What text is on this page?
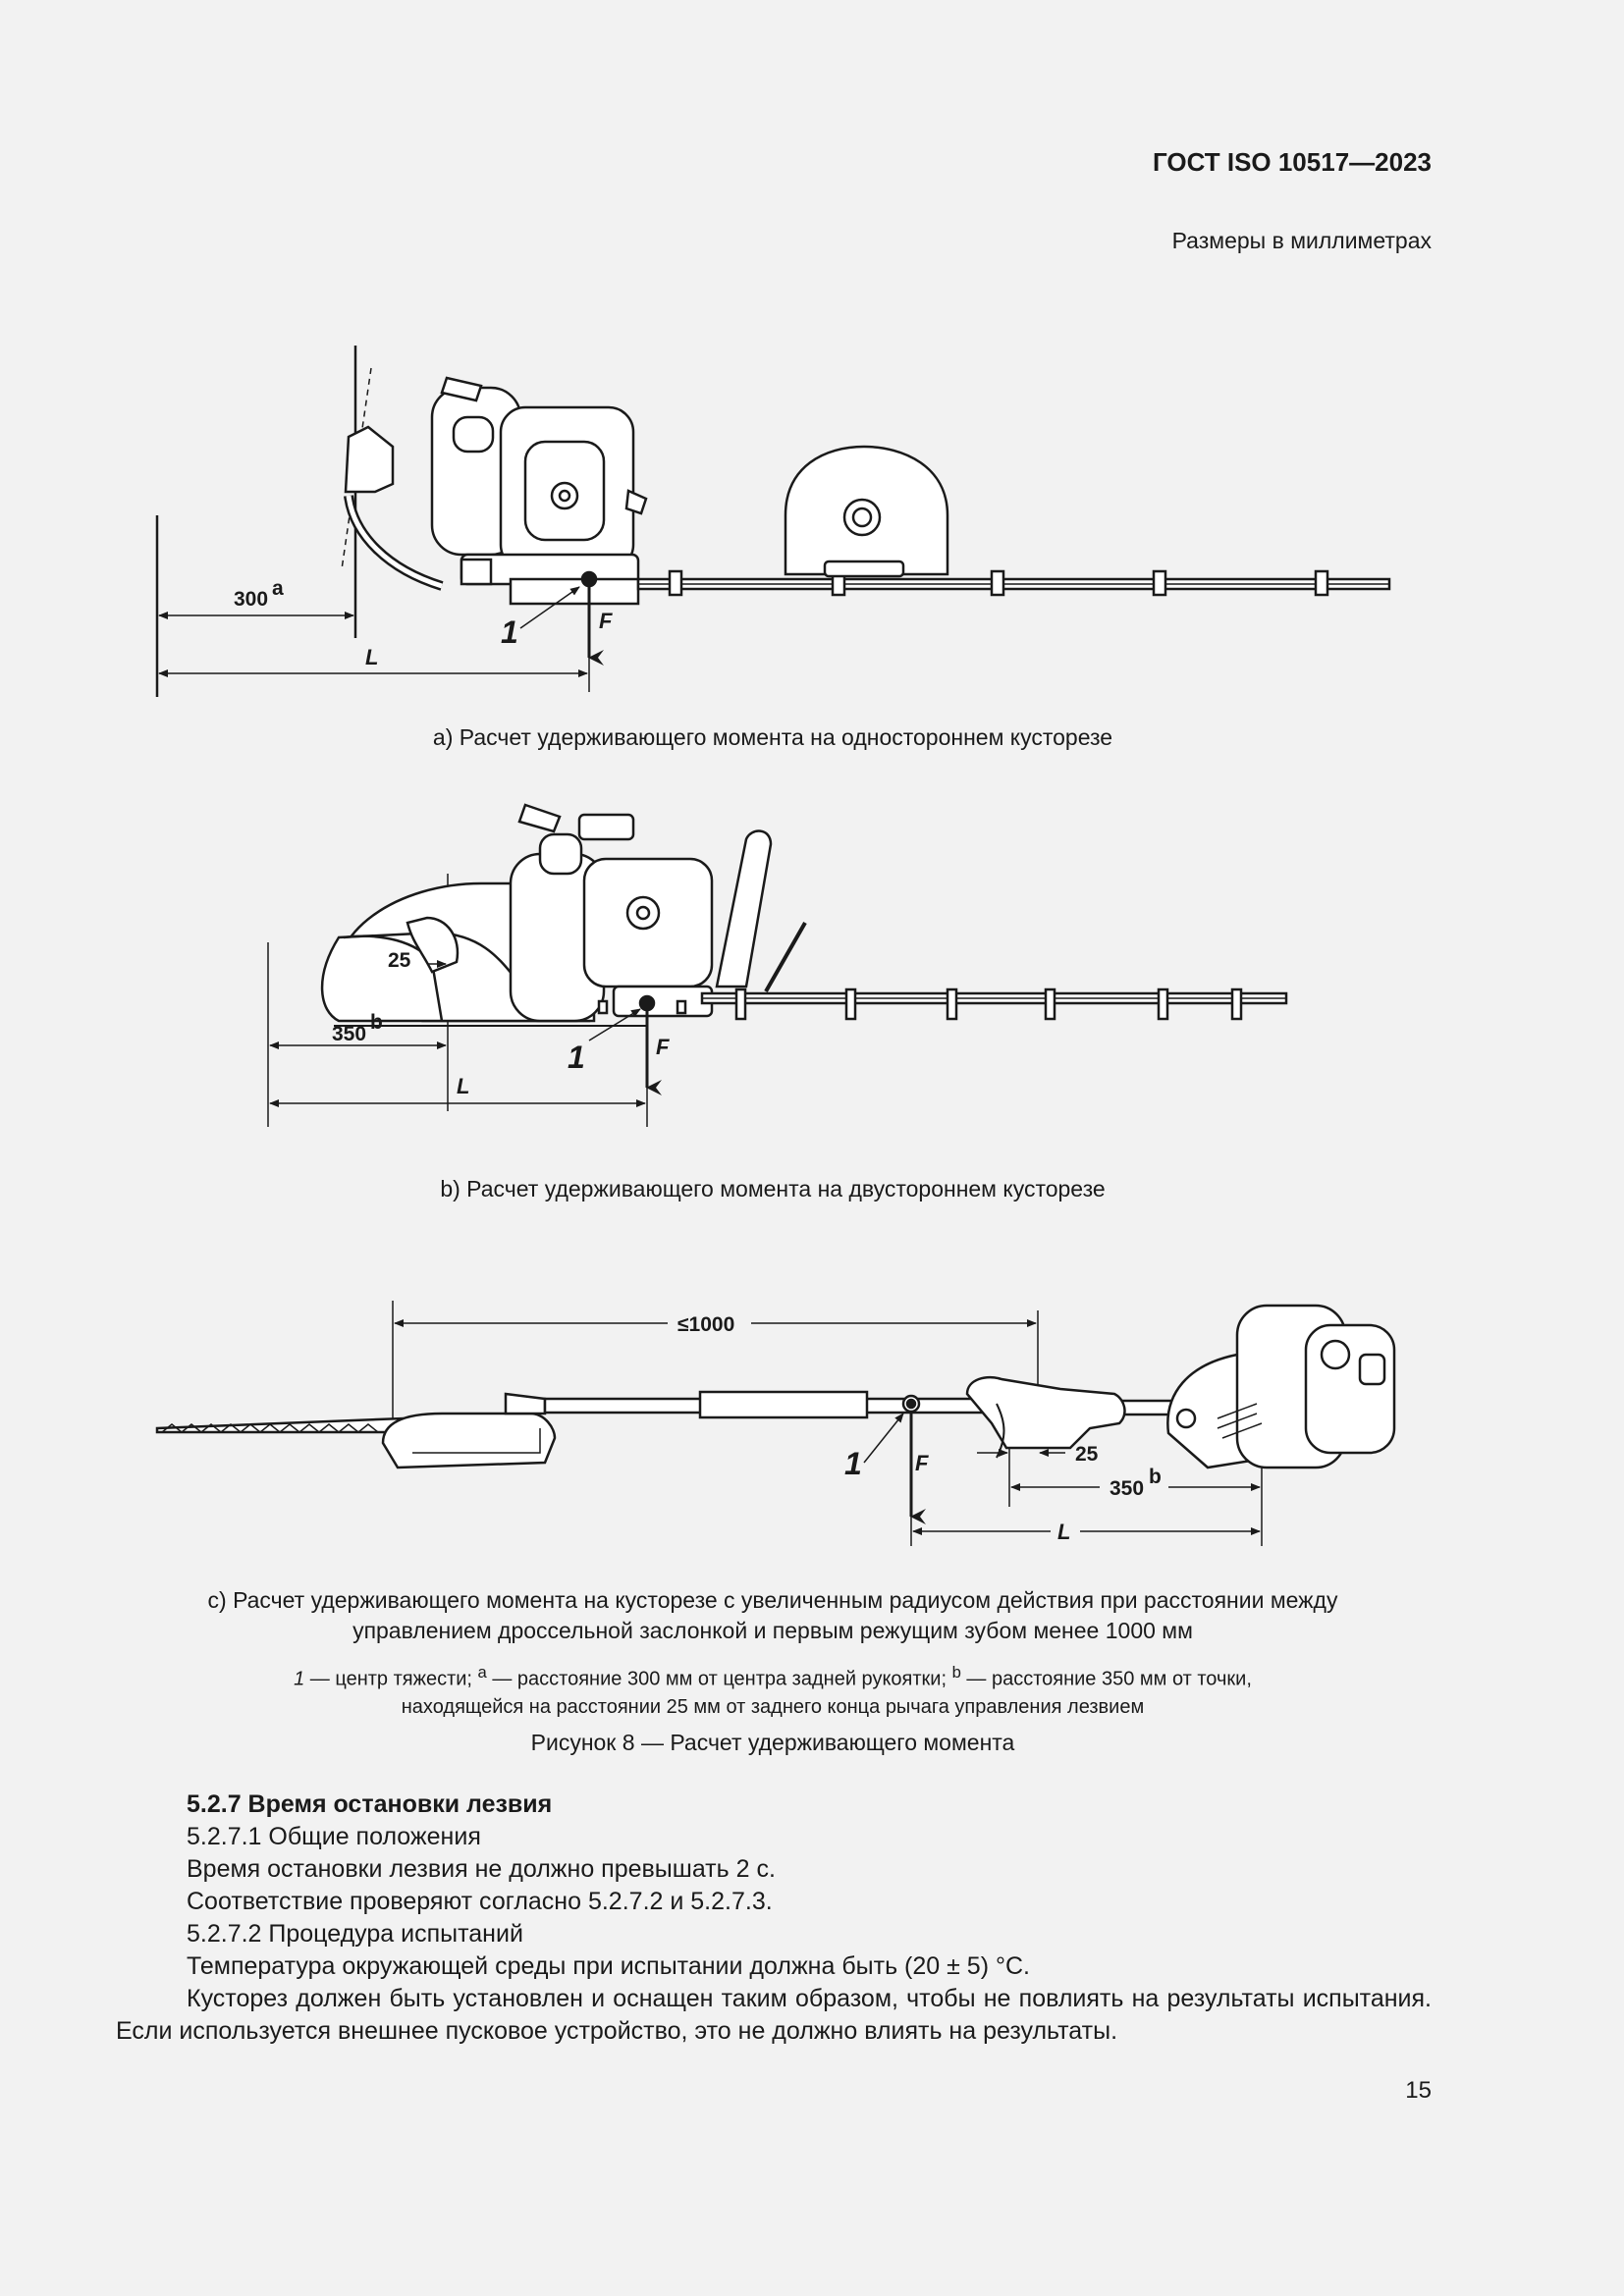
ГОСТ ISO 10517—2023
Размеры в миллиметрах
300 a
L
1	F
25
350
b
L
1	F
≤1000
25
350
b
L
1 F
a) Расчет удерживающего момента на одностороннем кусторезе
b) Расчет удерживающего момента на двустороннем кусторезе
c) Расчет удерживающего момента на кусторезе с увеличенным радиусом действия при расстоянии между
управлением дроссельной заслонкой и первым режущим зубом менее 1000 мм
1 — центр тяжести; $^a$ — расстояние 300 мм от центра задней рукоятки; $^b$ — расстояние 350 мм от точки,
находящейся на расстоянии 25 мм от заднего конца рычага управления лезвием
Рисунок 8 — Расчет удерживающего момента

5.2.7 Время остановки лезвия

5.2.7.1 Общие положения

Время остановки лезвия не должно превышать 2 с.

Соответствие проверяют согласно 5.2.7.2 и 5.2.7.3.

5.2.7.2 Процедура испытаний

Температура окружающей среды при испытании должна быть (20 ± 5) °C.

Кусторез должен быть установлен и оснащен таким образом, чтобы не повлиять на результаты испытания. Если используется внешнее пусковое устройство, это не должно влиять на результаты.

15
